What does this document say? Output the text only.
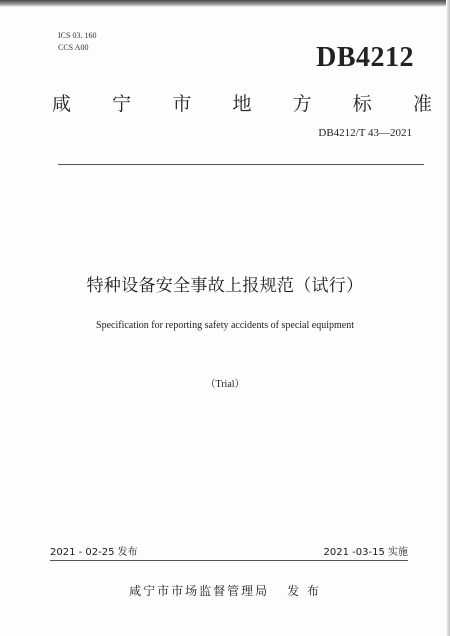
ICS 03. 160
CCS A00	DB4212
咸 宁 市 地 方 标 准
DB4212/T 43—2021
特种设备安全事故上报规范（试行）
Specification for reporting safety accidents of special equipment
（Trial）
2021 - 02-25 发布	2021 -03-15 实施
咸宁市市场监督管理局 发 布
